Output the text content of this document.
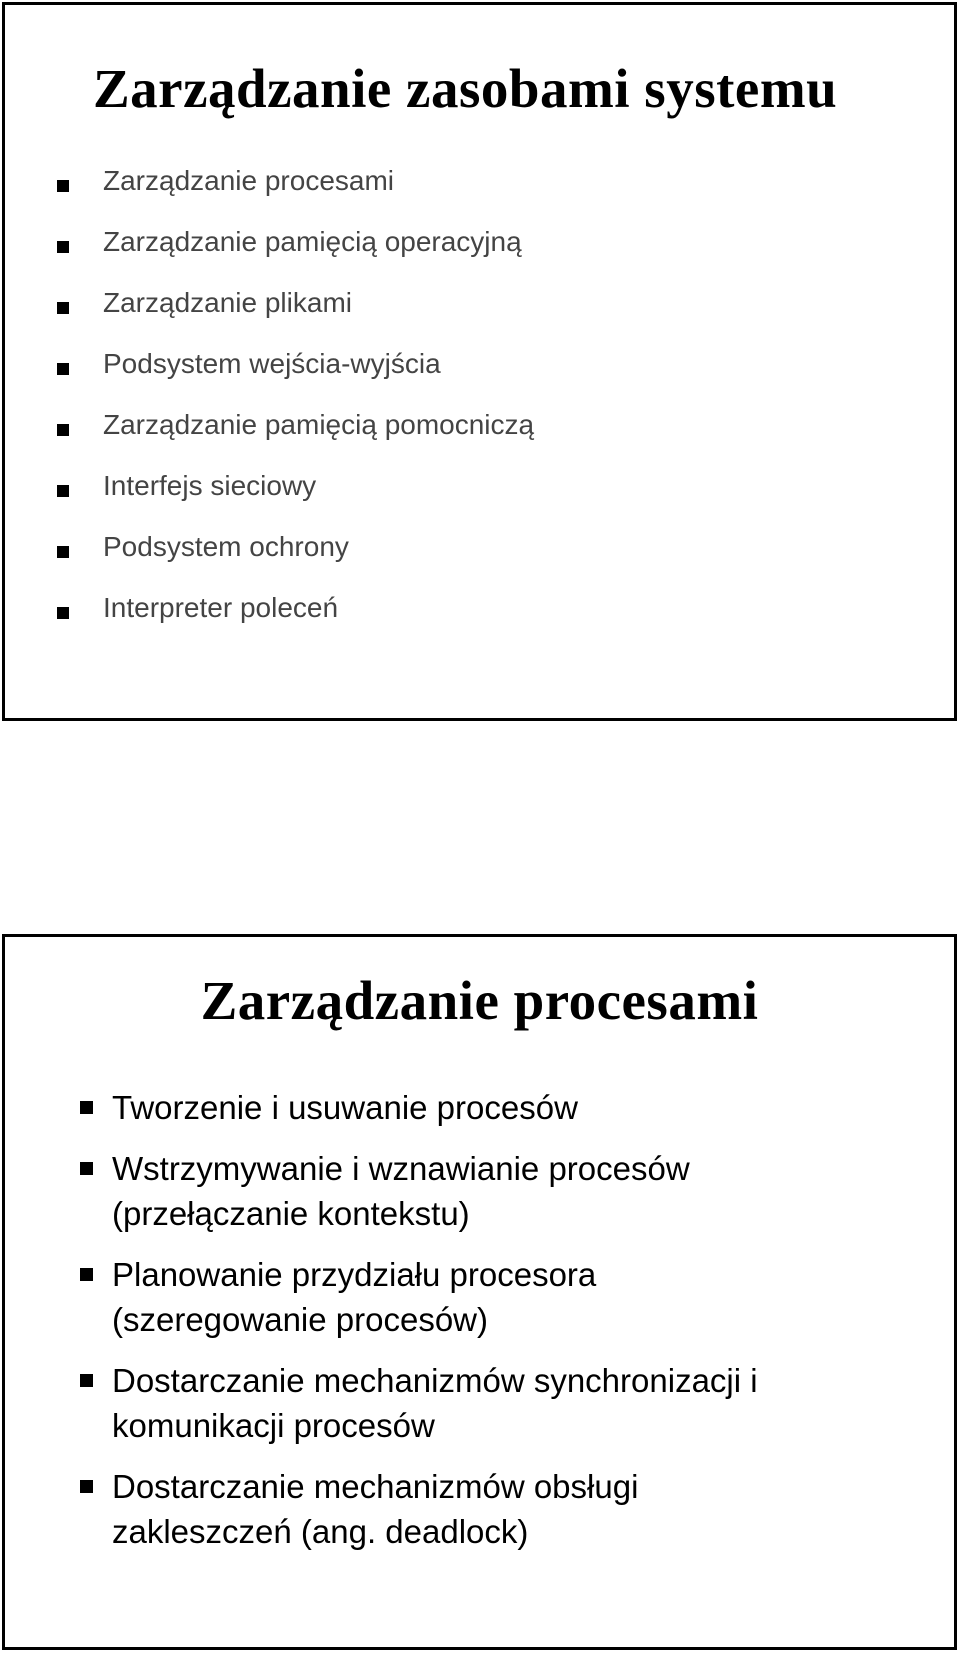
Zarządzanie zasobami systemu
Zarządzanie procesami
Zarządzanie pamięcią operacyjną
Zarządzanie plikami
Podsystem wejścia-wyjścia
Zarządzanie pamięcią pomocniczą
Interfejs sieciowy
Podsystem ochrony
Interpreter poleceń
Zarządzanie procesami
Tworzenie i usuwanie procesów
Wstrzymywanie i wznawianie procesów
(przełączanie kontekstu)
Planowanie przydziału procesora
(szeregowanie procesów)
Dostarczanie mechanizmów synchronizacji i
komunikacji procesów
Dostarczanie mechanizmów obsługi
zakleszczeń (ang. deadlock)
